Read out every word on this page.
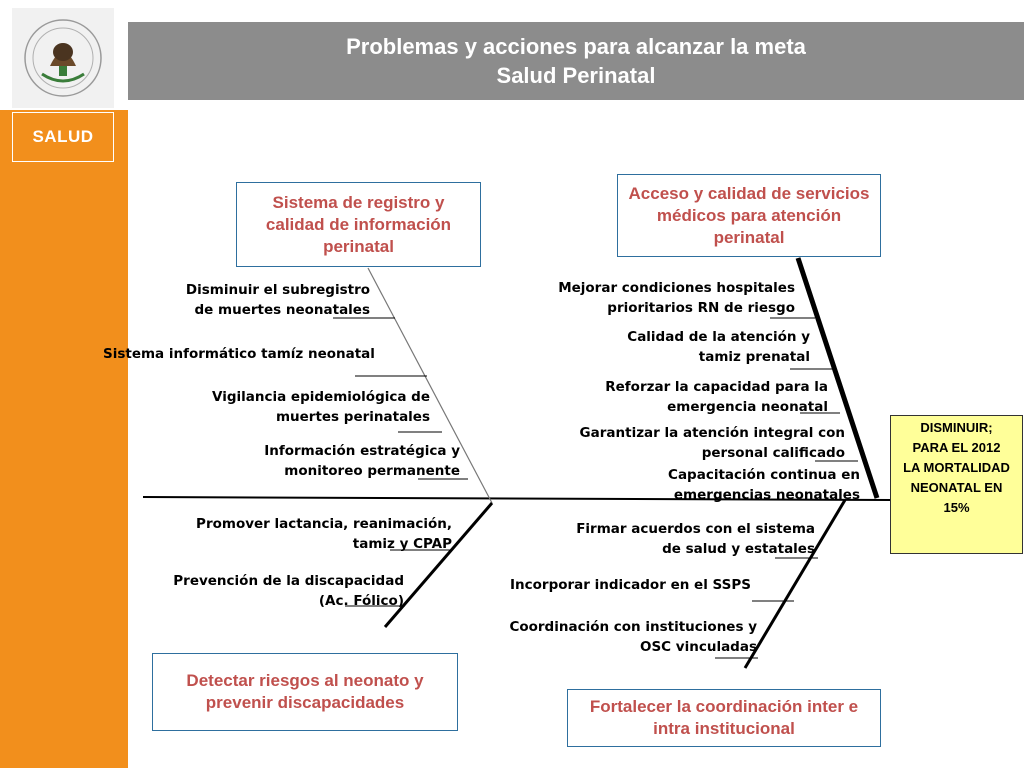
SALUD
Problemas y acciones para alcanzar la meta
Salud Perinatal
Sistema de registro y calidad de información perinatal
Acceso y calidad de servicios médicos para atención perinatal
Detectar riesgos al neonato y prevenir discapacidades	Fortalecer la coordinación inter e intra institucional
DISMINUIR;
PARA EL 2012
LA MORTALIDAD
NEONATAL EN
15%
Disminuir el subregistro
de muertes neonatales
Sistema informático tamíz neonatal
Vigilancia epidemiológica de
muertes perinatales
Información estratégica y
monitoreo permanente
Mejorar condiciones hospitales
prioritarios RN de riesgo
Calidad de la atención y
tamiz prenatal
Reforzar la capacidad para la
emergencia neonatal
Garantizar la atención integral con
personal calificado
Capacitación continua en
emergencias neonatales
Promover lactancia, reanimación,
tamiz y CPAP
Prevención de la discapacidad
(Ac. Fólico)
Firmar acuerdos con el sistema
de salud y estatales
Incorporar indicador en el SSPS
Coordinación con instituciones y
OSC vinculadas
